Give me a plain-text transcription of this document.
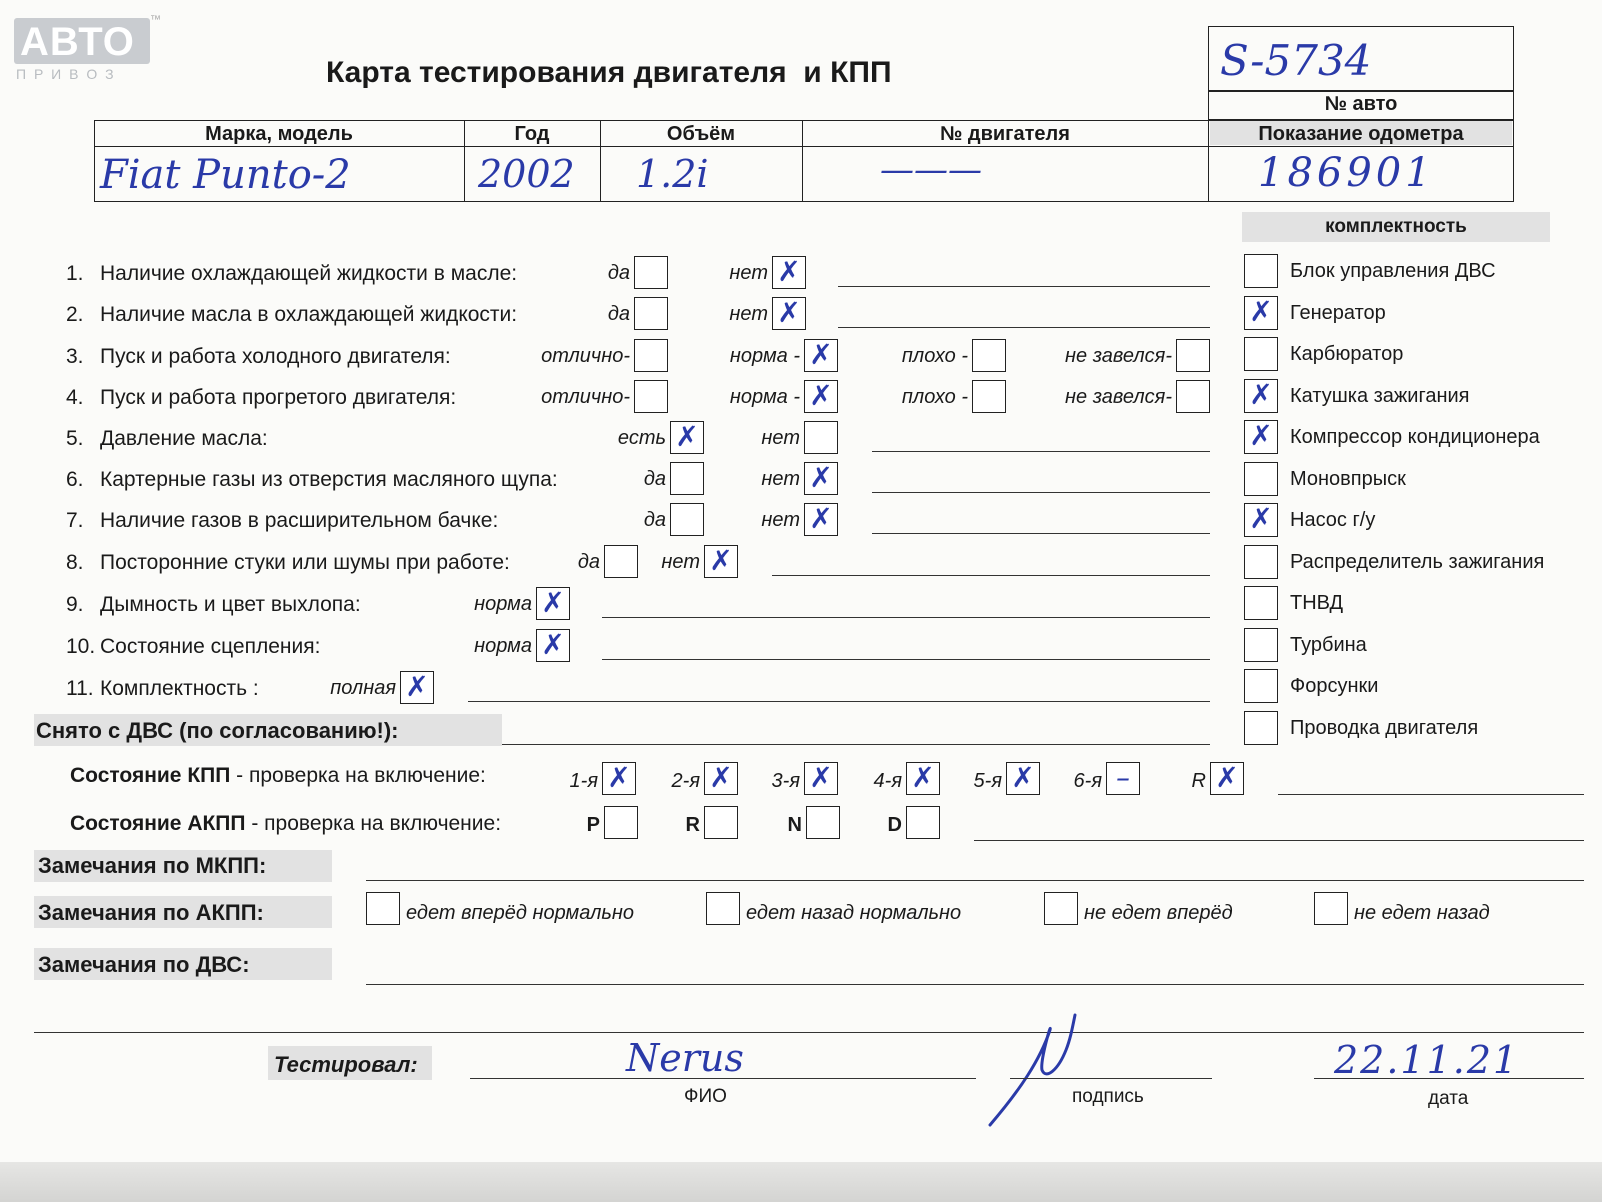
АВТО ™
П Р И В О З	Карта тестирования двигателя  и КПП	S-5734
№ авто
Марка, модель	Год	Объём	№ двигателя	Показание одометра
Fiat Punto-2	2002 1.2i	———	186901
комплектность
Блок управления ДВС
✗ Генератор
Карбюратор
✗ Катушка зажигания
✗ Компрессор кондиционера
Моновпрыск
✗ Насос г/у
Распределитель зажигания
ТНВД
Турбина
Форсунки
Проводка двигателя
1. Наличие охлаждающей жидкости в масле:	да	нет ✗
2. Наличие масла в охлаждающей жидкости:	да	нет ✗
3. Пуск и работа холодного двигателя:	отлично-	норма - ✗	плохо -	не завелся-
4. Пуск и работа прогретого двигателя:	отлично-	норма - ✗	плохо -	не завелся-
5. Давление масла:	есть ✗	нет
6. Картерные газы из отверстия масляного щупа:	да	нет ✗
7. Наличие газов в расширительном бачке:	да	нет ✗
8. Посторонние стуки или шумы при работе:	да	нет ✗
9. Дымность и цвет выхлопа:	норма ✗
10. Состояние сцепления:	норма ✗
11. Комплектность :	полная ✗
Снято с ДВС (по согласованию!):
Состояние КПП - проверка на включение:	1-я ✗	2-я ✗	3-я ✗	4-я ✗	5-я ✗	6-я –	R ✗
Состояние АКПП - проверка на включение:	P	R	N	D
Замечания по МКПП:
Замечания по АКПП:	едет вперёд нормально	едет назад нормально	не едет вперёд	не едет назад
Замечания по ДВС:
Тестировал:	Nerus
ФИО	подпись
22.11.21
дата
